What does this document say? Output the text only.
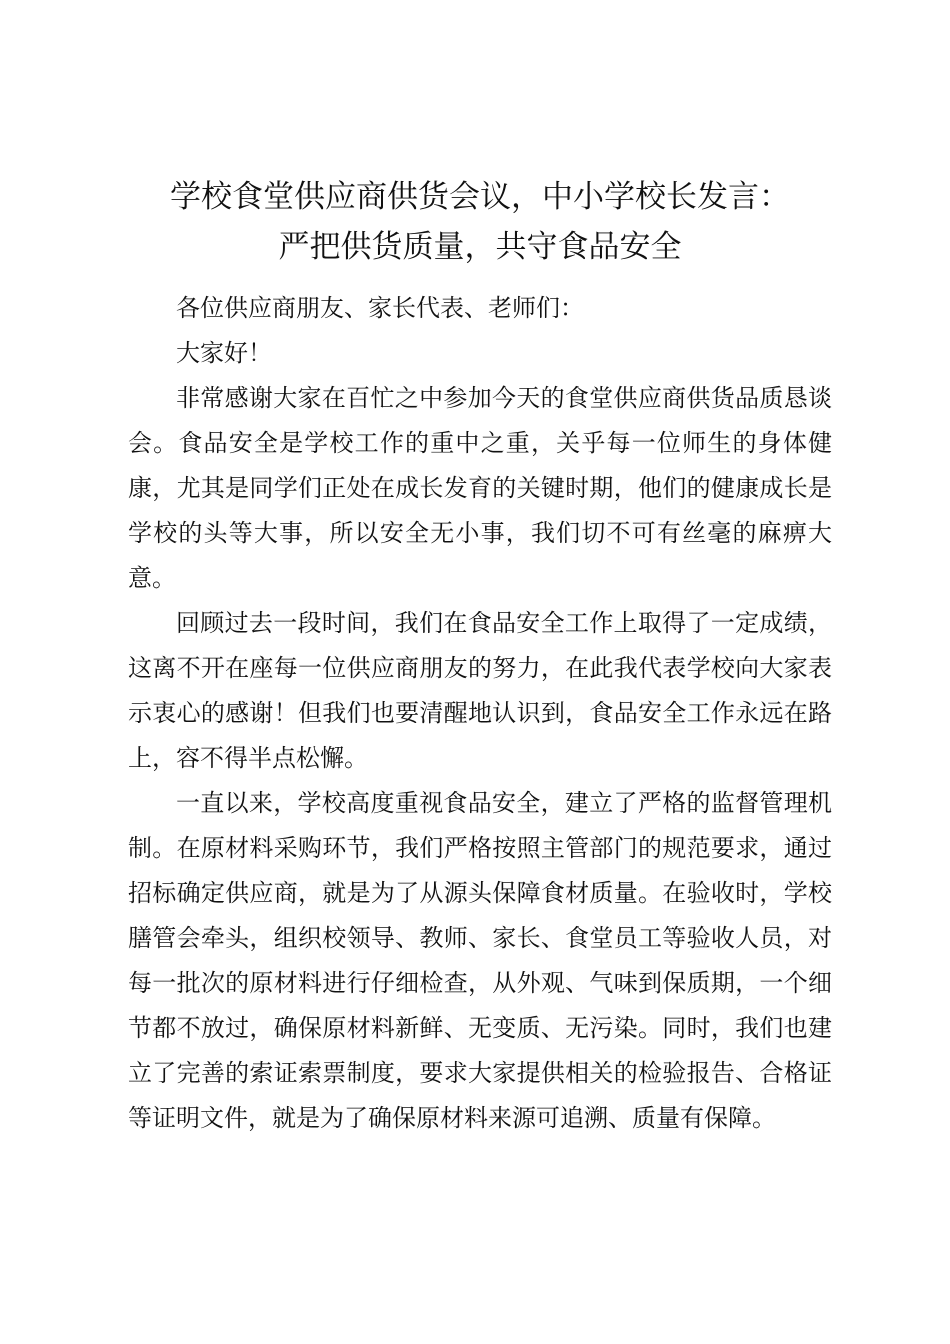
学校食堂供应商供货会议，中小学校长发言：
严把供货质量，共守食品安全

各位供应商朋友、家长代表、老师们：

大家好！

非常感谢大家在百忙之中参加今天的食堂供应商供货品质恳谈会。食品安全是学校工作的重中之重，关乎每一位师生的身体健康，尤其是同学们正处在成长发育的关键时期，他们的健康成长是学校的头等大事，所以安全无小事，我们切不可有丝毫的麻痹大意。

回顾过去一段时间，我们在食品安全工作上取得了一定成绩，这离不开在座每一位供应商朋友的努力，在此我代表学校向大家表示衷心的感谢！但我们也要清醒地认识到，食品安全工作永远在路上，容不得半点松懈。

一直以来，学校高度重视食品安全，建立了严格的监督管理机制。在原材料采购环节，我们严格按照主管部门的规范要求，通过招标确定供应商，就是为了从源头保障食材质量。在验收时，学校膳管会牵头，组织校领导、教师、家长、食堂员工等验收人员，对每一批次的原材料进行仔细检查，从外观、气味到保质期，一个细节都不放过，确保原材料新鲜、无变质、无污染。同时，我们也建立了完善的索证索票制度，要求大家提供相关的检验报告、合格证等证明文件，就是为了确保原材料来源可追溯、质量有保障。
